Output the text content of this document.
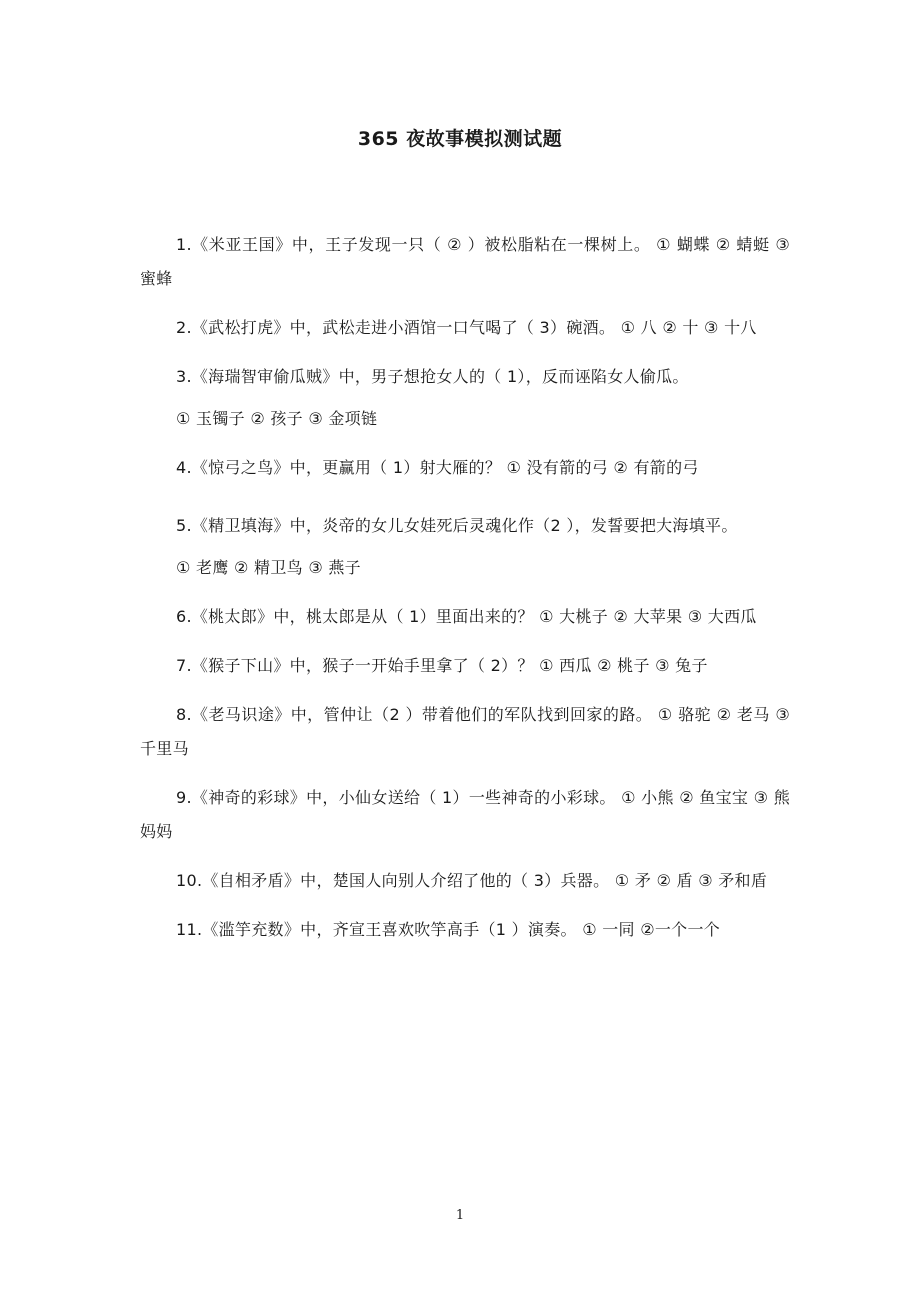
365 夜故事模拟测试题

1.《米亚王国》中，王子发现一只（ ② ）被松脂粘在一棵树上。 ① 蝴蝶 ② 蜻蜓 ③ 蜜蜂

2.《武松打虎》中，武松走进小酒馆一口气喝了（ 3）碗酒。 ① 八 ② 十 ③ 十八

3.《海瑞智审偷瓜贼》中，男子想抢女人的（ 1），反而诬陷女人偷瓜。

① 玉镯子 ② 孩子 ③ 金项链

4.《惊弓之鸟》中，更赢用（ 1）射大雁的？ ① 没有箭的弓 ② 有箭的弓

5.《精卫填海》中，炎帝的女儿女娃死后灵魂化作（2 ），发誓要把大海填平。

① 老鹰 ② 精卫鸟 ③ 燕子

6.《桃太郎》中，桃太郎是从（ 1）里面出来的？ ① 大桃子 ② 大苹果 ③ 大西瓜

7.《猴子下山》中，猴子一开始手里拿了（ 2）？ ① 西瓜 ② 桃子 ③ 兔子

8.《老马识途》中，管仲让（2 ）带着他们的军队找到回家的路。 ① 骆驼 ② 老马 ③ 千里马

9.《神奇的彩球》中，小仙女送给（ 1）一些神奇的小彩球。 ① 小熊 ② 鱼宝宝 ③ 熊妈妈

10.《自相矛盾》中，楚国人向别人介绍了他的（ 3）兵器。 ① 矛 ② 盾 ③ 矛和盾

11.《滥竽充数》中，齐宣王喜欢吹竽高手（1 ）演奏。 ① 一同 ②一个一个

1
